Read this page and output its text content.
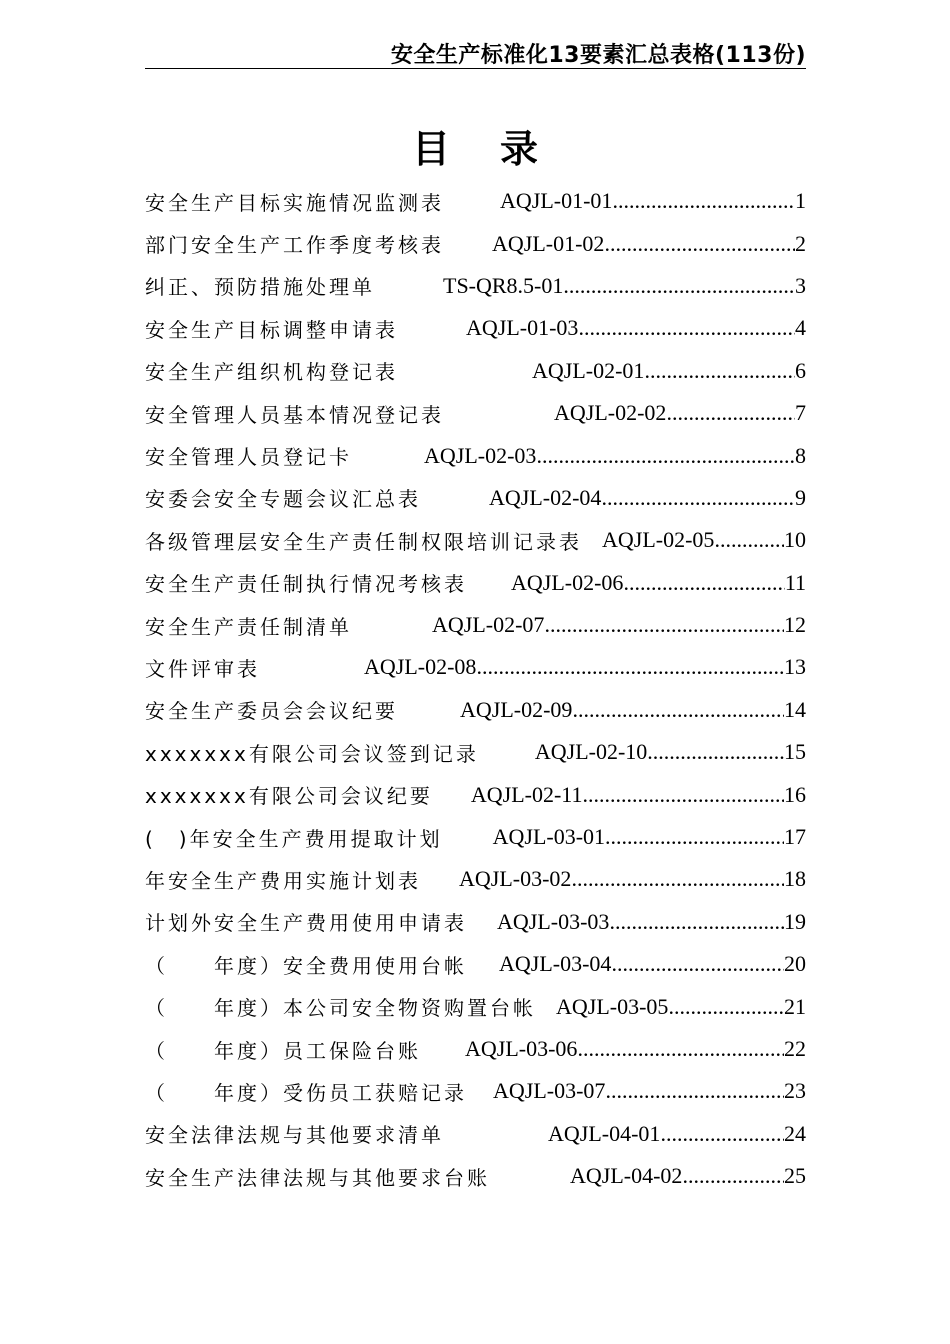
安全生产标准化13要素汇总表格(113份)
目录
安全生产目标实施情况监测表	AQJL-01-01 .....	1
部门安全生产工作季度考核表 AQJL-01-02 .....	2
纠正、预防措施处理单	TS-QR8.5-01 .....	3
安全生产目标调整申请表	AQJL-01-03 .....	4
安全生产组织机构登记表	AQJL-02-01 .....	6
安全管理人员基本情况登记表	AQJL-02-02 .....	7
安全管理人员登记卡	AQJL-02-03 .....	8
安委会安全专题会议汇总表	AQJL-02-04 .....	9
各级管理层安全生产责任制权限培训记录表 AQJL-02-05 .....	10
安全生产责任制执行情况考核表 AQJL-02-06 .....	11
安全生产责任制清单	AQJL-02-07 .....	12
文件评审表	AQJL-02-08 .....	13
安全生产委员会会议纪要	AQJL-02-09 .....	14
xxxxxxx有限公司会议签到记录	AQJL-02-10 .....	15
xxxxxxx有限公司会议纪要 AQJL-02-11 .....	16
(　)年安全生产费用提取计划 AQJL-03-01 .....	17
年安全生产费用实施计划表 AQJL-03-02 .....	18
计划外安全生产费用使用申请表 AQJL-03-03 .....	19
（　　年度）安全费用使用台帐 AQJL-03-04 .....	20
（　　年度）本公司安全物资购置台帐 AQJL-03-05 .....	21
（　　年度）员工保险台账 AQJL-03-06 .....	22
（　　年度）受伤员工获赔记录 AQJL-03-07 .....	23
安全法律法规与其他要求清单	AQJL-04-01 .....	24
安全生产法律法规与其他要求台账	AQJL-04-02 .....	25
